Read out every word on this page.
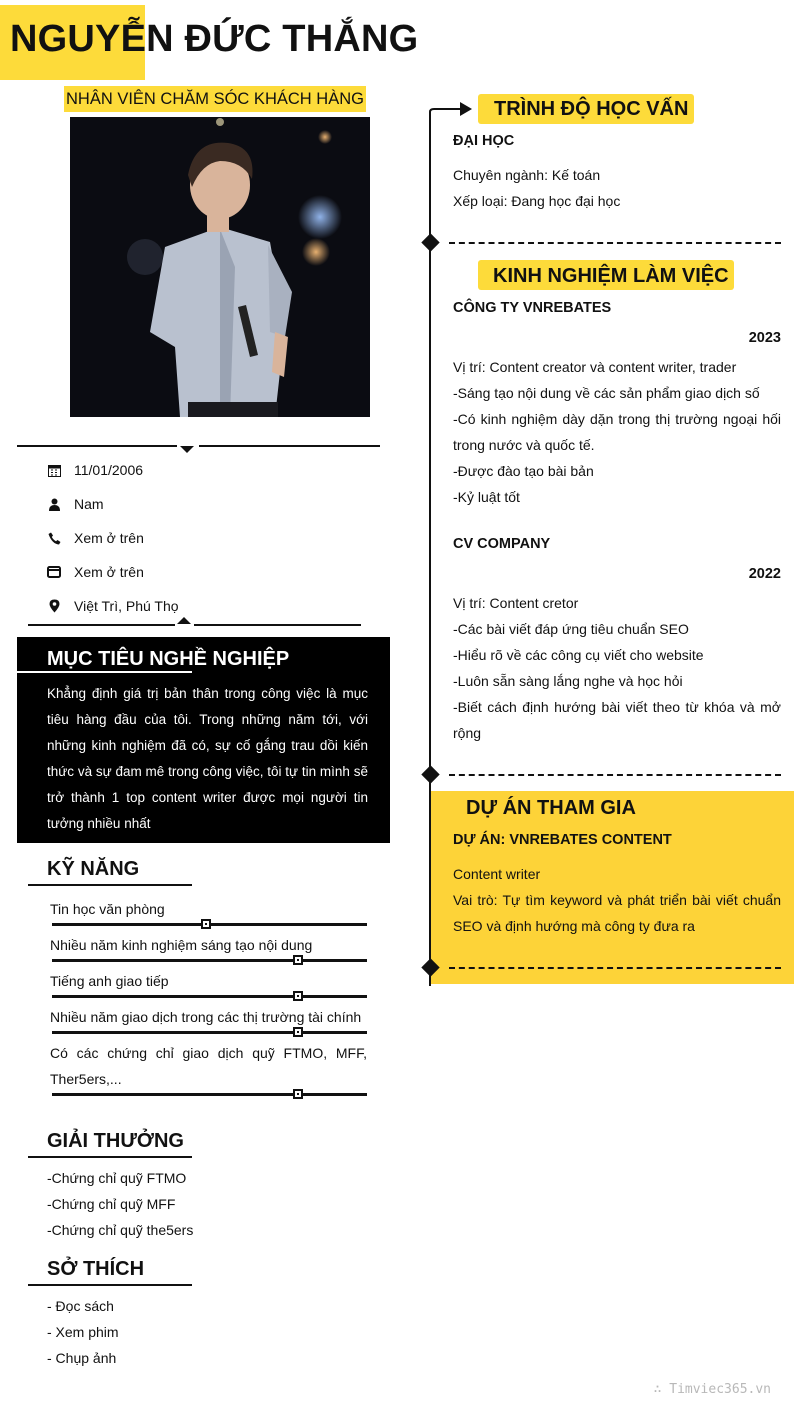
NGUYỄN ĐỨC THẮNG
NHÂN VIÊN CHĂM SÓC KHÁCH HÀNG
11/01/2006
Nam
Xem ở trên
Xem ở trên
Việt Trì, Phú Thọ
MỤC TIÊU NGHỀ NGHIỆP

Khẳng định giá trị bản thân trong công việc là mục tiêu hàng đầu của tôi. Trong những năm tới, với những kinh nghiệm đã có, sự cố gắng trau dồi kiến thức và sự đam mê trong công việc, tôi tự tin mình sẽ trở thành 1 top content writer được mọi người tin tưởng nhiều nhất

KỸ NĂNG
Tin học văn phòng
Nhiều năm kinh nghiệm sáng tạo nội dung
Tiếng anh giao tiếp
Nhiều năm giao dịch trong các thị trường tài chính
Có các chứng chỉ giao dịch quỹ FTMO, MFF, Ther5ers,...
GIẢI THƯỞNG
-Chứng chỉ quỹ FTMO
-Chứng chỉ quỹ MFF
-Chứng chỉ quỹ the5ers
SỞ THÍCH
- Đọc sách
- Xem phim
- Chụp ảnh
TRÌNH ĐỘ HỌC VẤN
ĐẠI HỌC
Chuyên ngành: Kế toán
Xếp loại: Đang học đại học
KINH NGHIỆM LÀM VIỆC
CÔNG TY VNREBATES
2023
Vị trí: Content creator và content writer, trader
-Sáng tạo nội dung về các sản phẩm giao dịch số
-Có kinh nghiệm dày dặn trong thị trường ngoại hối trong nước và quốc tế.
-Được đào tạo bài bản
-Kỷ luật tốt
CV COMPANY
2022
Vị trí: Content cretor
-Các bài viết đáp ứng tiêu chuẩn SEO
-Hiểu rõ về các công cụ viết cho website
-Luôn sẵn sàng lắng nghe và học hỏi
-Biết cách định hướng bài viết theo từ khóa và mở rộng
DỰ ÁN THAM GIA
DỰ ÁN: VNREBATES CONTENT
Content writer
Vai trò: Tự tìm keyword và phát triển bài viết chuẩn SEO và định hướng mà công ty đưa ra
∴ Timviec365.vn
